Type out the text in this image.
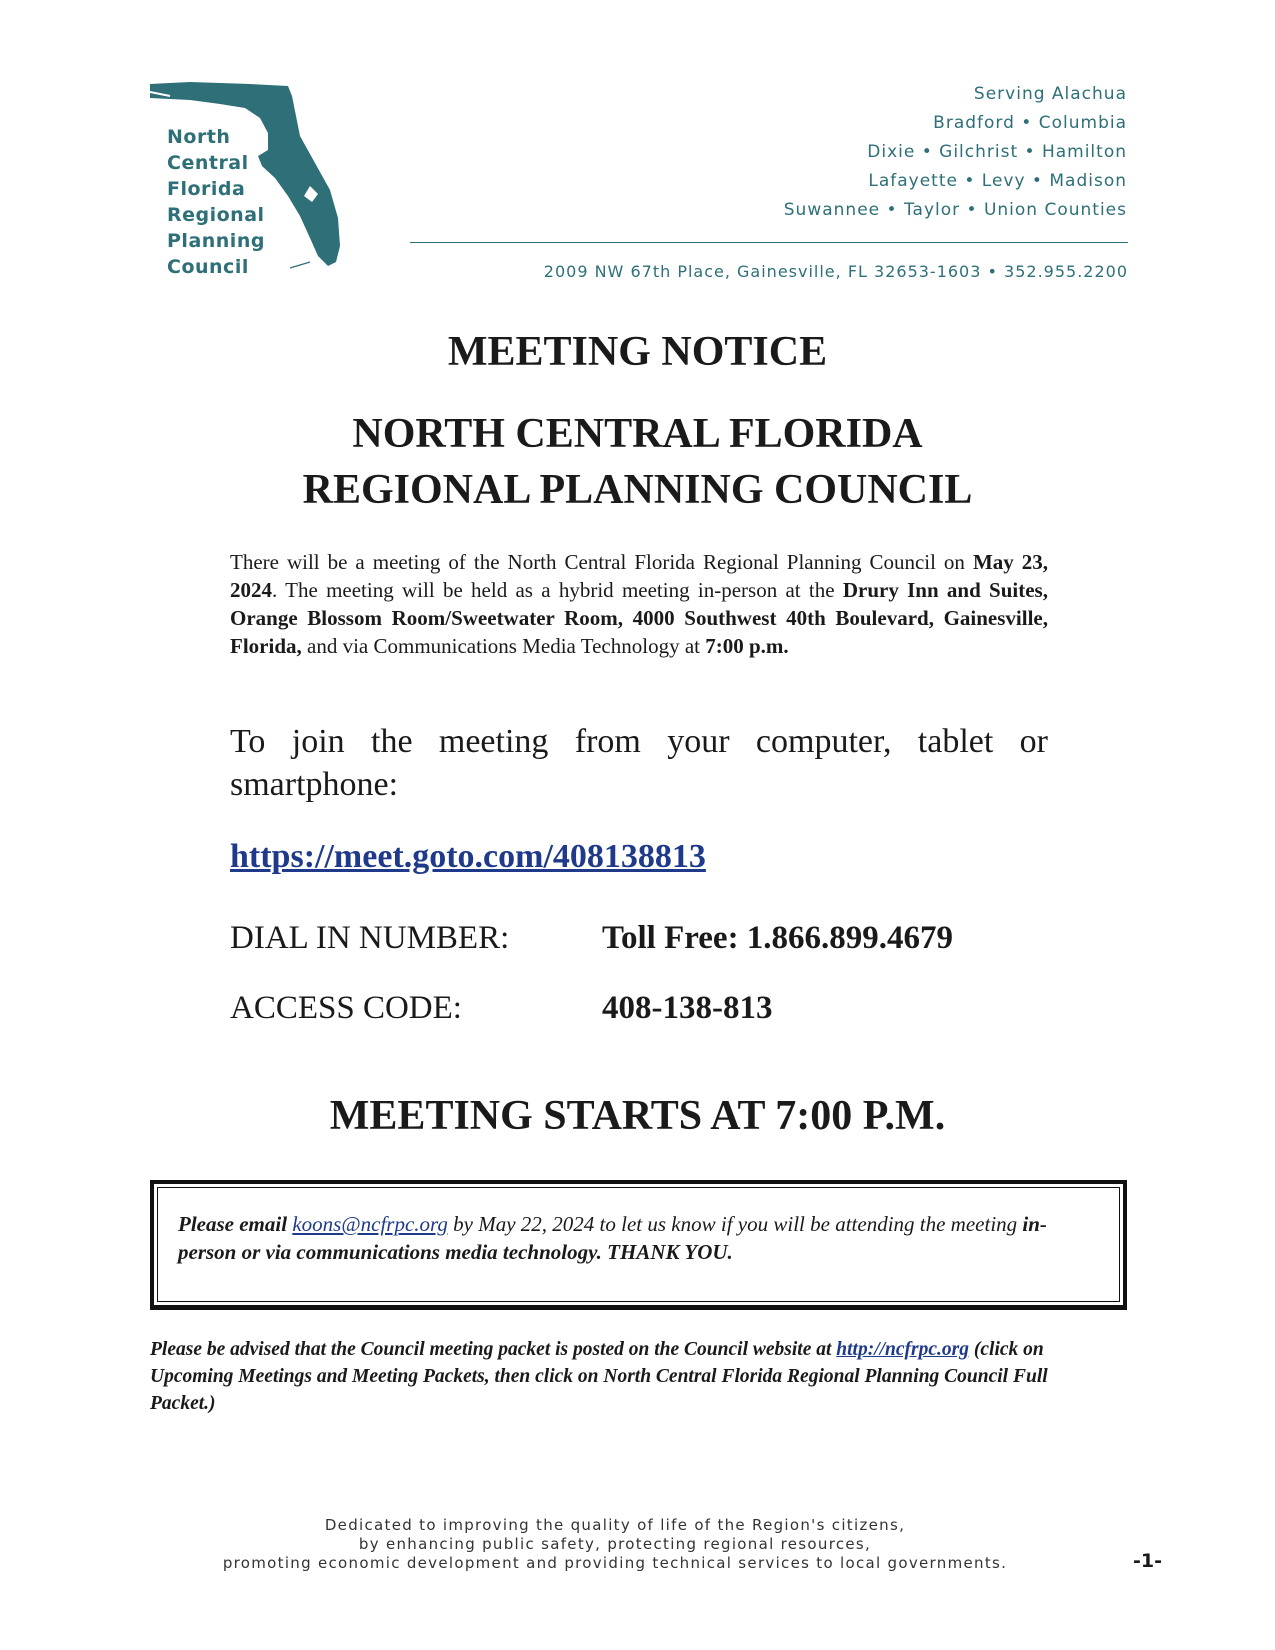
North
Central
Florida
Regional
Planning
Council
Serving Alachua
Bradford • Columbia
Dixie • Gilchrist • Hamilton
Lafayette • Levy • Madison
Suwannee • Taylor • Union Counties
2009 NW 67th Place, Gainesville, FL 32653-1603 • 352.955.2200
MEETING NOTICE
NORTH CENTRAL FLORIDA
REGIONAL PLANNING COUNCIL
There will be a meeting of the North Central Florida Regional Planning Council on May 23, 2024. The meeting will be held as a hybrid meeting in-person at the Drury Inn and Suites, Orange Blossom Room/Sweetwater Room, 4000 Southwest 40th Boulevard, Gainesville, Florida, and via Communications Media Technology at 7:00 p.m.
To join the meeting from your computer, tablet or smartphone:
https://meet.goto.com/408138813
DIAL IN NUMBER:	Toll Free: 1.866.899.4679
ACCESS CODE:	408-138-813
MEETING STARTS AT 7:00 P.M.
Please email koons@ncfrpc.org by May 22, 2024 to let us know if you will be attending the meeting in-person or via communications media technology. THANK YOU.
Please be advised that the Council meeting packet is posted on the Council website at http://ncfrpc.org (click on Upcoming Meetings and Meeting Packets, then click on North Central Florida Regional Planning Council Full Packet.)
Dedicated to improving the quality of life of the Region's citizens,
by enhancing public safety, protecting regional resources,
promoting economic development and providing technical services to local governments.	-1-
